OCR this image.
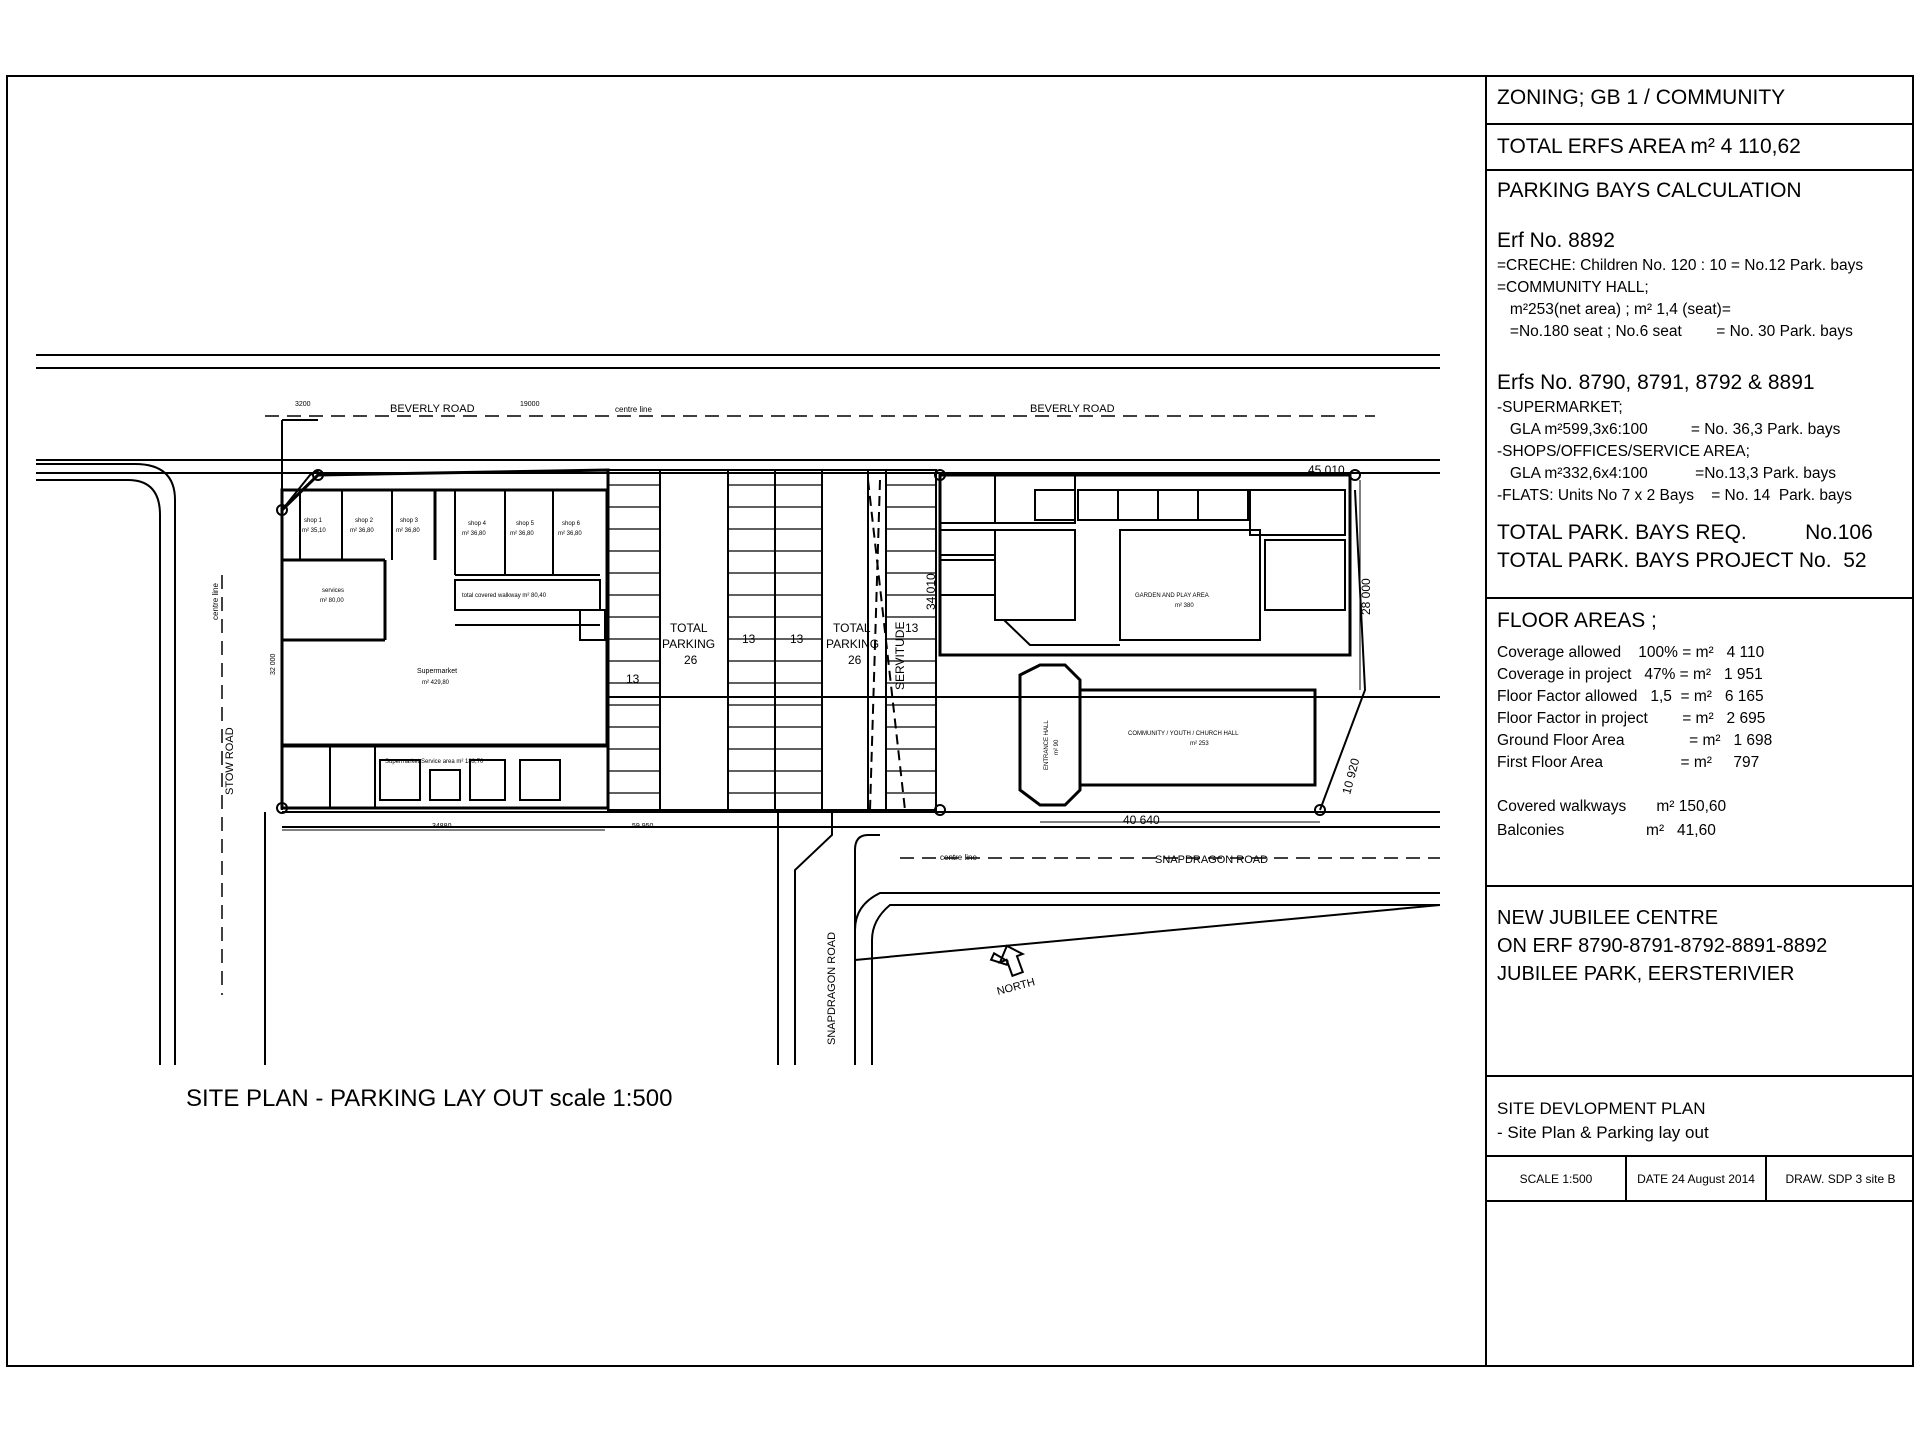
BEVERLY ROAD	BEVERLY ROAD
centre line
centre line	SNAPDRAGON ROAD
STOW ROAD
centre line
SNAPDRAGON ROAD	NORTH
TOTAL
PARKING
26
TOTAL
PARKING
26
13
13	13
13
SERVITUDE
shop 1
m² 35,10
shop 2
m² 36,80
shop 3
m² 36,80
shop 4
m² 36,80
shop 5
m² 36,80
shop 6
m² 36,80
services
m² 80,00
total covered walkway m² 80,40
Supermarket
m² 429,80
Supermarket Service area m² 189,70
GARDEN AND PLAY AREA
m² 380
COMMUNITY / YOUTH / CHURCH HALL
m² 253
ENTRANCE HALL m² 90
45 010
40 640
28 000
10 920
34 010
32 000
59 950
34880
19000
3200
SITE PLAN - PARKING LAY OUT scale 1:500
ZONING; GB 1 / COMMUNITY
TOTAL ERFS AREA m² 4 110,62
PARKING BAYS CALCULATION
Erf No. 8892
=CRECHE: Children No. 120 : 10 = No.12 Park. bays
=COMMUNITY HALL;
m²253(net area) ; m² 1,4 (seat)=
=No.180 seat ; No.6 seat        = No. 30 Park. bays
Erfs No. 8790, 8791, 8792 & 8891
-SUPERMARKET;
GLA m²599,3x6:100          = No. 36,3 Park. bays
-SHOPS/OFFICES/SERVICE AREA;
GLA m²332,6x4:100           =No.13,3 Park. bays
-FLATS: Units No 7 x 2 Bays    = No. 14  Park. bays
TOTAL PARK. BAYS REQ.          No.106
TOTAL PARK. BAYS PROJECT No.  52
FLOOR AREAS ;
Coverage allowed    100% = m²   4 110
Coverage in project   47% = m²   1 951
Floor Factor allowed   1,5  = m²   6 165
Floor Factor in project        = m²   2 695
Ground Floor Area               = m²   1 698
First Floor Area                  = m²     797
Covered walkways       m² 150,60
Balconies                   m²   41,60
NEW JUBILEE CENTRE
ON ERF 8790-8791-8792-8891-8892
JUBILEE PARK, EERSTERIVIER
SITE DEVLOPMENT PLAN
- Site Plan & Parking lay out
SCALE 1:500	DATE 24 August 2014	DRAW. SDP 3 site B
